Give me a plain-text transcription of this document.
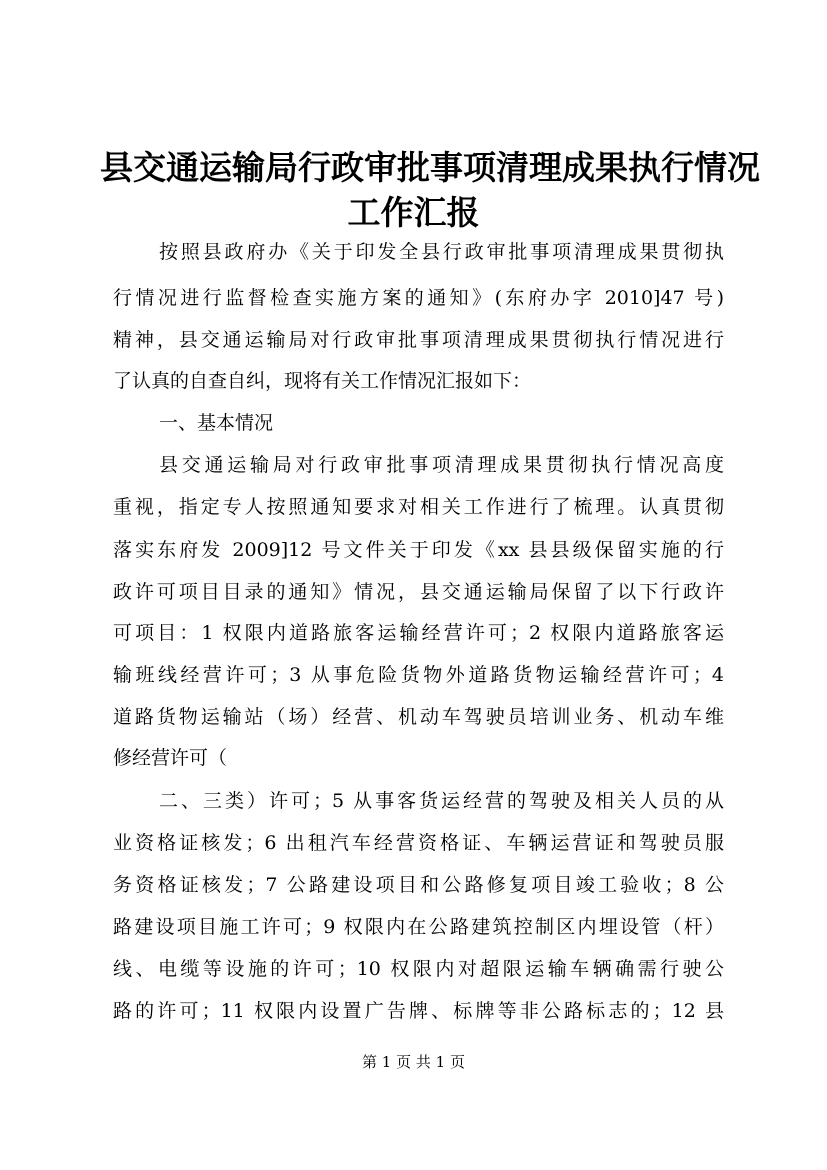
县交通运输局行政审批事项清理成果执行情况
工作汇报
按照县政府办《关于印发全县行政审批事项清理成果贯彻执
行情况进行监督检查实施方案的通知》(东府办字 2010]47 号)
精神，县交通运输局对行政审批事项清理成果贯彻执行情况进行
了认真的自查自纠，现将有关工作情况汇报如下：
一、基本情况
县交通运输局对行政审批事项清理成果贯彻执行情况高度
重视，指定专人按照通知要求对相关工作进行了梳理。认真贯彻
落实东府发 2009]12 号文件关于印发《xx 县县级保留实施的行
政许可项目目录的通知》情况，县交通运输局保留了以下行政许
可项目：1 权限内道路旅客运输经营许可；2 权限内道路旅客运
输班线经营许可；3 从事危险货物外道路货物运输经营许可；4
道路货物运输站（场）经营、机动车驾驶员培训业务、机动车维
修经营许可（
二、三类）许可；5 从事客货运经营的驾驶及相关人员的从
业资格证核发；6 出租汽车经营资格证、车辆运营证和驾驶员服
务资格证核发；7 公路建设项目和公路修复项目竣工验收；8 公
路建设项目施工许可；9 权限内在公路建筑控制区内埋设管（杆）
线、电缆等设施的许可；10 权限内对超限运输车辆确需行驶公
路的许可；11 权限内设置广告牌、标牌等非公路标志的；12 县
第 1 页 共 1 页
